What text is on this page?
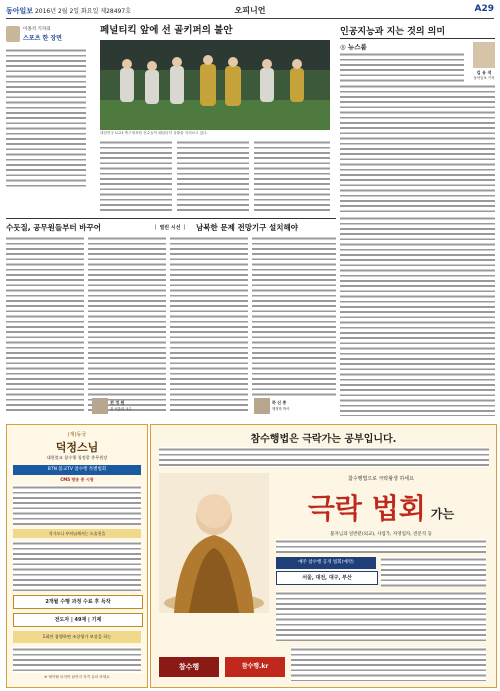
동아일보 2016년 2월 2일 화요일 제28497호	오피니언	A29
이종석 기자의
스포츠 한 장면
페널티킥 앞에 선 골키퍼의 불안
대한민국 U-23 축구대표팀 선수들이 페널티킥 상황을 지켜보고 있다.
인공지능과 지는 것의 의미
◎ 뉴스룸
김 유 석
동아일보 기자
수둣질, 공무원들부터 바꾸어	｜ 열린 시선 ｜	남북한 문제 전망기구 설치해야
전 정 원
전 서울대 교수
하 신 종
행정학 박사
(재)동국
덕정스님
대한불교 참수행 청정종 총무원장
BTN 불교TV 참수행 특별법회
CMS 방송 중 시청
석가모니 부처님께서는 도솔천을
2개월 수행 과정 수료 후 득작
전도자 | 49재 | 기제
1회만 참행하면 조상영가 보장을 하는
※ 제약될 마지막 날까지 자격 유의 하세요
참수행법은 극락가는 공부입니다.
참수행법으로 극락왕생 하세요
극락 법회 가는
불자님과 일반분(외교), 사업가, 자영업자, 전문직 등
매주 참수행 공개 법회(예약)
서울, 대전, 대구, 부산
참수행	참수행.kr
